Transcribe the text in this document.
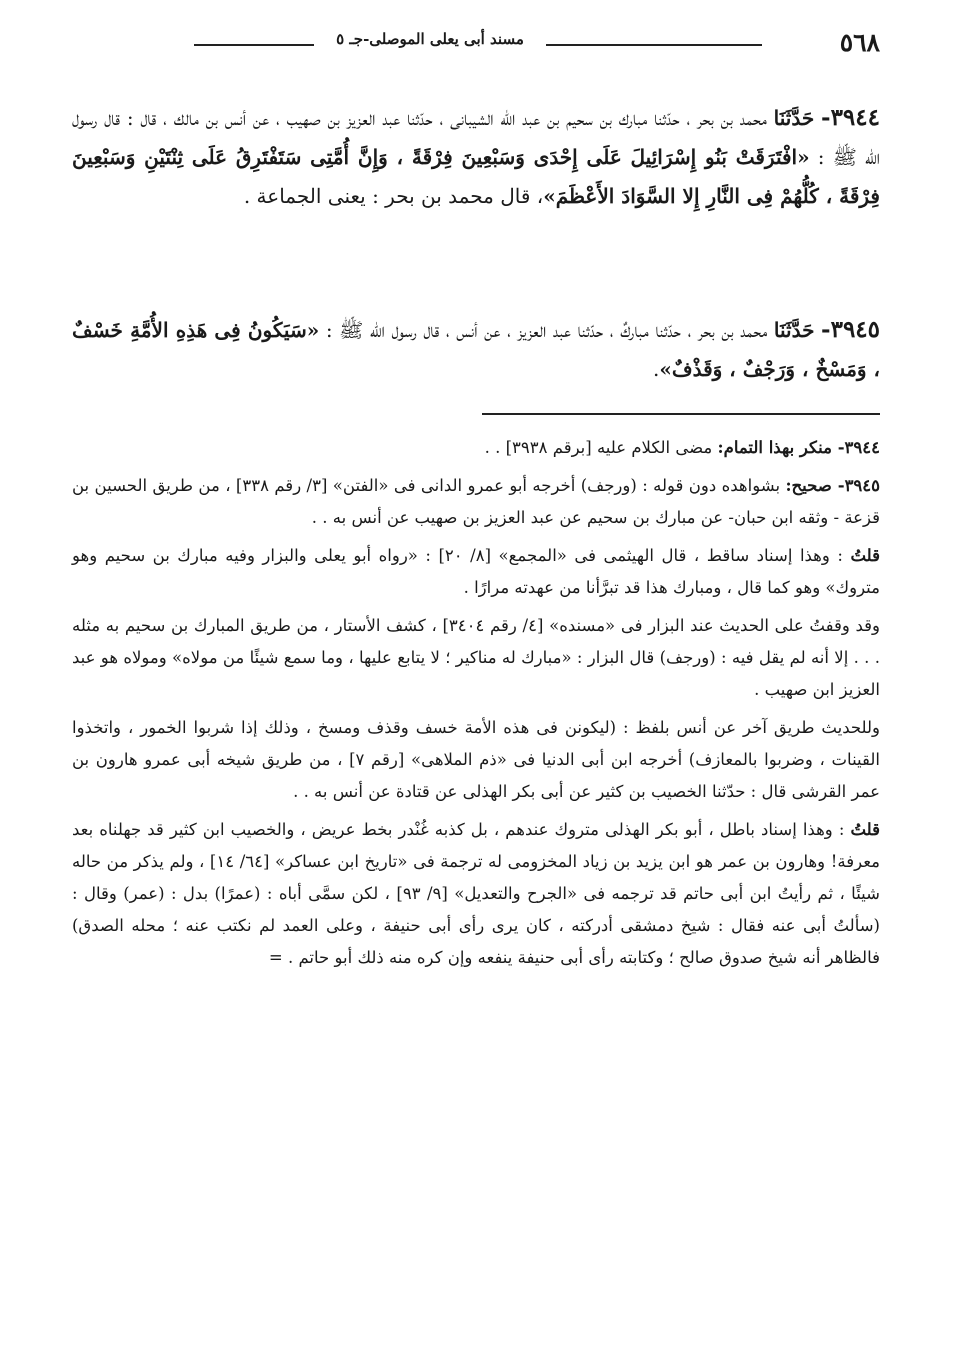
٥٦٨
مسند أبى يعلى الموصلى-جـ ٥

٣٩٤٤- حَدَّثَنَا محمد بن بحر ، حدّثنا مبارك بن سحيم بن عبد اللّه الشيبانى ، حدّثنا عبد العزيز بن صهيب ، عن أنس بن مالك ، قال : قال رسول اللّه ﷺ : «افْتَرَقَتْ بَنُو إِسْرَائِيلَ عَلَى إِحْدَى وَسَبْعِينَ فِرْقَةً ، وَإِنَّ أُمَّتِى سَتَفْتَرِقُ عَلَى ثِنْتَيْنِ وَسَبْعِينَ فِرْقَةً ، كُلُّهُمْ فِى النَّارِ إِلا السَّوَادَ الأَعْظَمَ»، قال محمد بن بحر : يعنى الجماعة .

٣٩٤٥- حَدَّثَنَا محمد بن بحر ، حدّثنا مباركٌ ، حدّثنا عبد العزيز ، عن أنس ، قال رسول اللّه ﷺ : «سَيَكُونُ فِى هَذِهِ الأُمَّةِ خَسْفٌ ، وَمَسْخٌ ، وَرَجْفٌ ، وَقَذْفٌ».

٣٩٤٤- منكر بهذا التمام: مضى الكلام عليه [برقم ٣٩٣٨] . .

٣٩٤٥- صحيح: بشواهده دون قوله : (ورجف) أخرجه أبو عمرو الدانى فى «الفتن» [٣/ رقم ٣٣٨] ، من طريق الحسين بن قزعة - وثقه ابن حبان- عن مبارك بن سحيم عن عبد العزيز بن صهيب عن أنس به . .

قلتُ : وهذا إسناد ساقط ، قال الهيثمى فى «المجمع» [٨/ ٢٠] : «رواه أبو يعلى والبزار وفيه مبارك بن سحيم وهو متروك» وهو كما قال ، ومبارك هذا قد تبرَّأنا من عهدته مرارًا .

وقد وقفتُ على الحديث عند البزار فى «مسنده» [٤/ رقم ٣٤٠٤] ، كشف الأستار ، من طريق المبارك بن سحيم به مثله . . . إلا أنه لم يقل فيه : (ورجف) قال البزار : «مبارك له مناكير ؛ لا يتابع عليها ، وما سمع شيئًا من مولاه» ومولاه هو عبد العزيز ابن صهيب .

وللحديث طريق آخر عن أنس بلفظ : (ليكونن فى هذه الأمة خسف وقذف ومسخ ، وذلك إذا شربوا الخمور ، واتخذوا القينات ، وضربوا بالمعازف) أخرجه ابن أبى الدنيا فى «ذم الملاهى» [رقم ٧] ، من طريق شيخه أبى عمرو هارون بن عمر القرشى قال : حدّثنا الخصيب بن كثير عن أبى بكر الهذلى عن قتادة عن أنس به . .

قلتُ : وهذا إسناد باطل ، أبو بكر الهذلى متروك عندهم ، بل كذبه غُنْدر بخط عريض ، والخصيب ابن كثير قد جهلناه بعد معرفة! وهارون بن عمر هو ابن يزيد بن زياد المخزومى له ترجمة فى «تاريخ ابن عساكر» [٦٤/ ١٤] ، ولم يذكر من حاله شيئًا ، ثم رأيتُ ابن أبى حاتم قد ترجمه فى «الجرح والتعديل» [٩/ ٩٣] ، لكن سمَّى أباه : (عمرًا) بدل : (عمر) وقال : (سألتُ أبى عنه فقال : شيخ دمشقى أدركته ، كان يرى رأى أبى حنيفة ، وعلى العمد لم نكتب عنه ؛ محله الصدق) فالظاهر أنه شيخ صدوق صالح ؛ وكتابته رأى أبى حنيفة ينفعه وإن كره منه ذلك أبو حاتم . =
